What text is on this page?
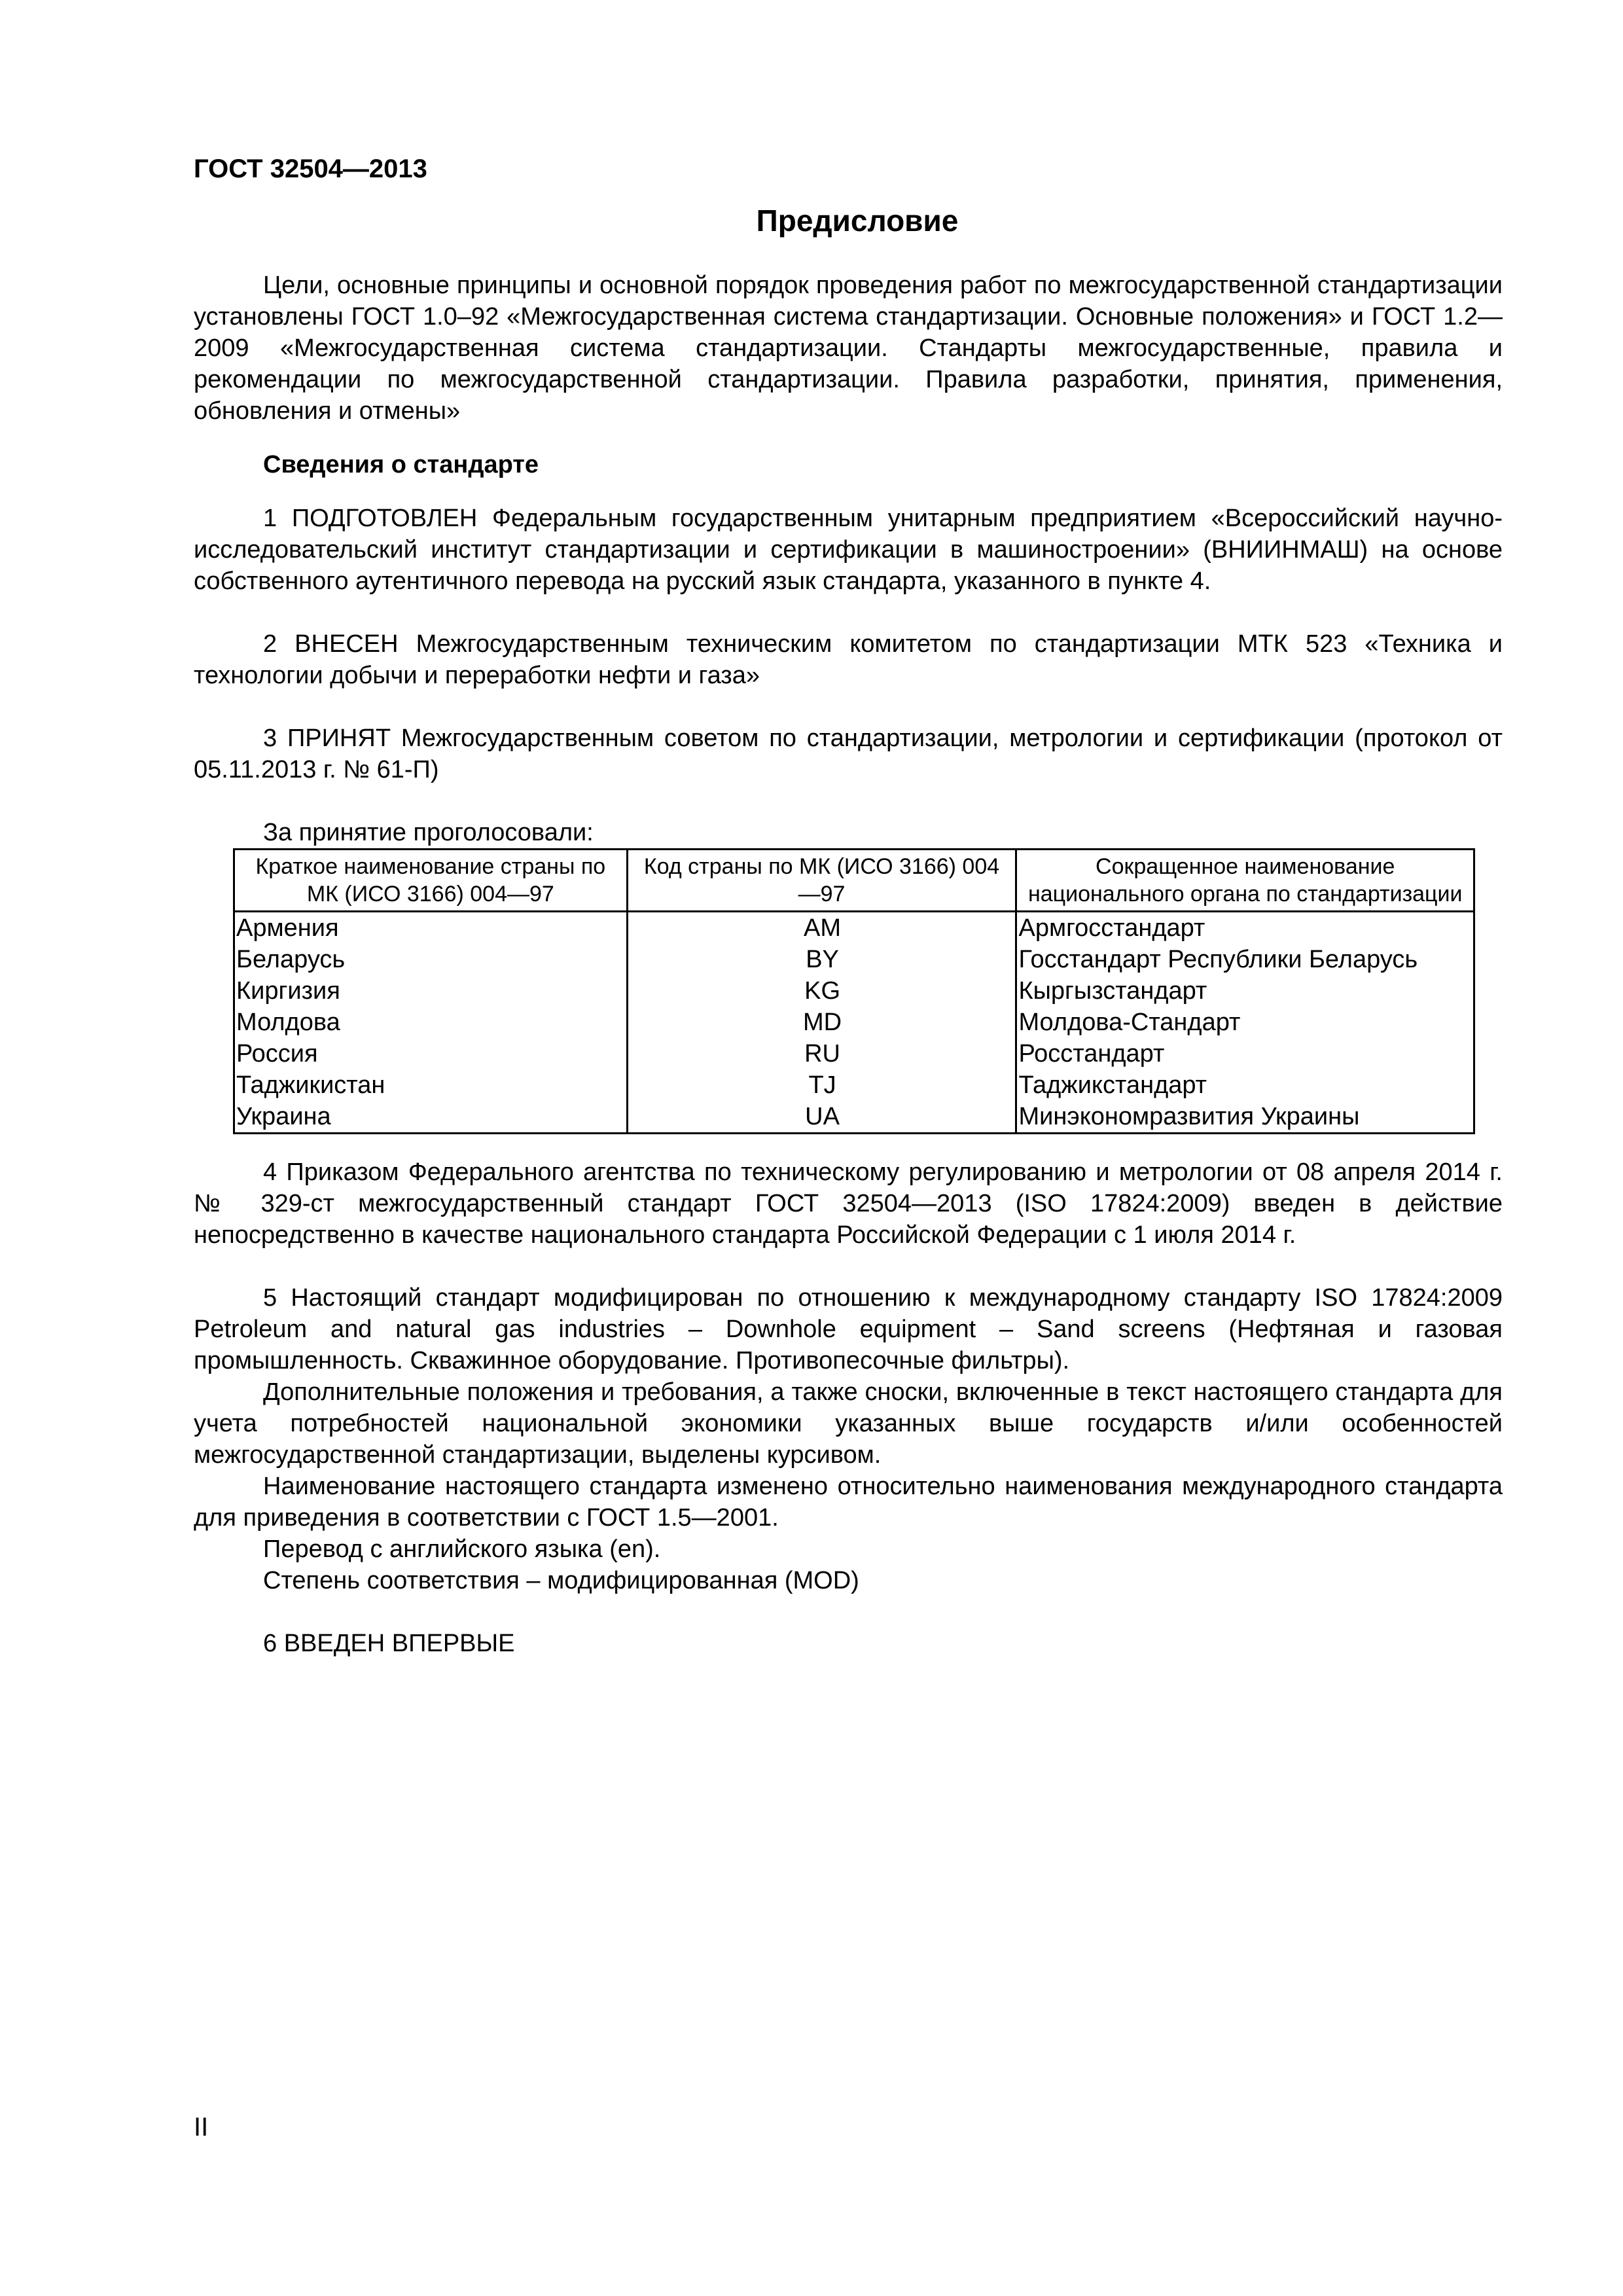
ГОСТ 32504—2013
Предисловие

Цели, основные принципы и основной порядок проведения работ по межгосударственной стандартизации установлены ГОСТ 1.0–92 «Межгосударственная система стандартизации. Основные положения» и ГОСТ 1.2—2009 «Межгосударственная система стандартизации. Стандарты межгосударственные, правила и рекомендации по межгосударственной стандартизации. Правила разработки, принятия, применения, обновления и отмены»

Сведения о стандарте

1 ПОДГОТОВЛЕН Федеральным государственным унитарным предприятием «Всероссийский научно-исследовательский институт стандартизации и сертификации в машиностроении» (ВНИИНМАШ) на основе собственного аутентичного перевода на русский язык стандарта, указанного в пункте 4.

2 ВНЕСЕН Межгосударственным техническим комитетом по стандартизации МТК 523 «Техника и технологии добычи и переработки нефти и газа»

3 ПРИНЯТ Межгосударственным советом по стандартизации, метрологии и сертификации (протокол от 05.11.2013 г. № 61-П)

За принятие проголосовали:

Краткое наименование страны по МК (ИСО 3166) 004—97	Код страны по МК (ИСО 3166) 004—97	Сокращенное наименование национального органа по стандартизации
Армения	AM	Армгосстандарт
Беларусь	BY	Госстандарт Республики Беларусь
Киргизия	KG	Кыргызстандарт
Молдова	MD	Молдова-Стандарт
Россия	RU	Росстандарт
Таджикистан	TJ	Таджикстандарт
Украина	UA	Минэкономразвития Украины

4 Приказом Федерального агентства по техническому регулированию и метрологии от 08 апреля 2014 г. № 329-ст межгосударственный стандарт ГОСТ 32504—2013 (ISO 17824:2009) введен в действие непосредственно в качестве национального стандарта Российской Федерации с 1 июля 2014 г.

5 Настоящий стандарт модифицирован по отношению к международному стандарту ISO 17824:2009 Petroleum and natural gas industries – Downhole equipment – Sand screens (Нефтяная и газовая промышленность. Скважинное оборудование. Противопесочные фильтры).

Дополнительные положения и требования, а также сноски, включенные в текст настоящего стандарта для учета потребностей национальной экономики указанных выше государств и/или особенностей межгосударственной стандартизации, выделены курсивом.

Наименование настоящего стандарта изменено относительно наименования международного стандарта для приведения в соответствии с ГОСТ 1.5—2001.

Перевод с английского языка (en).

Степень соответствия – модифицированная (MOD)

6 ВВЕДЕН ВПЕРВЫЕ

II
